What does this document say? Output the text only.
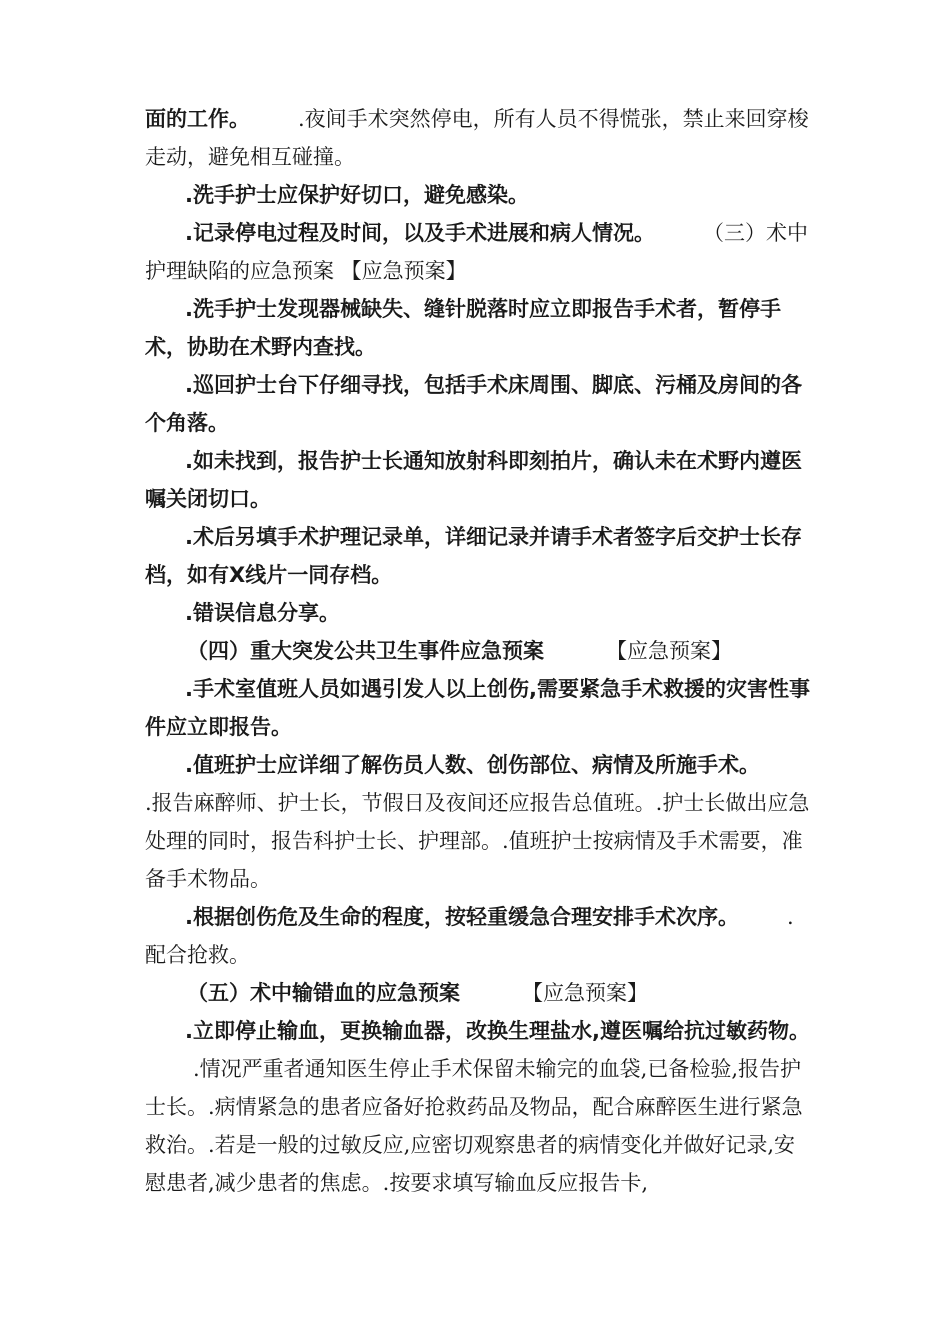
面的工作。 .夜间手术突然停电，所有人员不得慌张，禁止来回穿梭走动，避免相互碰撞。

.洗手护士应保护好切口，避免感染。

.记录停电过程及时间，以及手术进展和病人情况。 （三）术中护理缺陷的应急预案 【应急预案】

.洗手护士发现器械缺失、缝针脱落时应立即报告手术者，暂停手术，协助在术野内查找。

.巡回护士台下仔细寻找，包括手术床周围、脚底、污桶及房间的各个角落。

.如未找到，报告护士长通知放射科即刻拍片，确认未在术野内遵医嘱关闭切口。

.术后另填手术护理记录单，详细记录并请手术者签字后交护士长存档，如有X线片一同存档。

.错误信息分享。

（四）重大突发公共卫生事件应急预案	【应急预案】

.手术室值班人员如遇引发人以上创伤,需要紧急手术救援的灾害性事件应立即报告。

.值班护士应详细了解伤员人数、创伤部位、病情及所施手术。.报告麻醉师、护士长，节假日及夜间还应报告总值班。.护士长做出应急处理的同时，报告科护士长、护理部。.值班护士按病情及手术需要，准备手术物品。

.根据创伤危及生命的程度，按轻重缓急合理安排手术次序。 .配合抢救。

（五）术中输错血的应急预案	【应急预案】

.立即停止输血，更换输血器，改换生理盐水,遵医嘱给抗过敏药物。.情况严重者通知医生停止手术保留未输完的血袋,已备检验,报告护士长。.病情紧急的患者应备好抢救药品及物品，配合麻醉医生进行紧急救治。.若是一般的过敏反应,应密切观察患者的病情变化并做好记录,安慰患者,减少患者的焦虑。.按要求填写输血反应报告卡,
